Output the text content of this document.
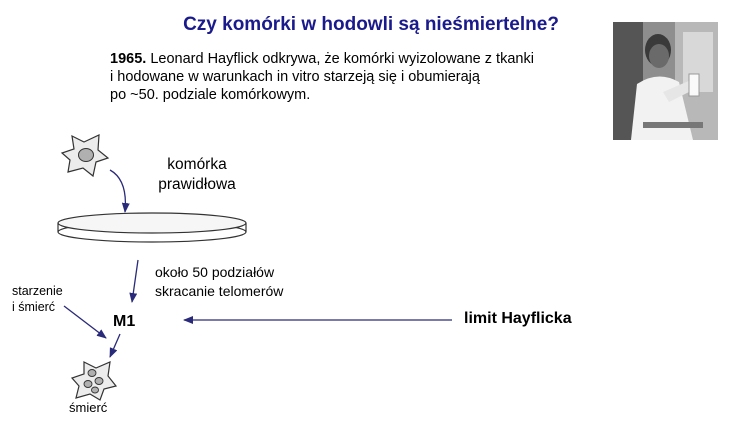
Czy komórki w hodowli są nieśmiertelne?
1965. Leonard Hayflick odkrywa, że komórki wyizolowane z tkanki
i hodowane w warunkach in vitro starzeją się i obumierają
po ~50. podziale komórkowym.
komórka
prawidłowa
około 50 podziałów
skracanie telomerów
starzenie
i śmierć
M1	limit Hayflicka
śmierć
